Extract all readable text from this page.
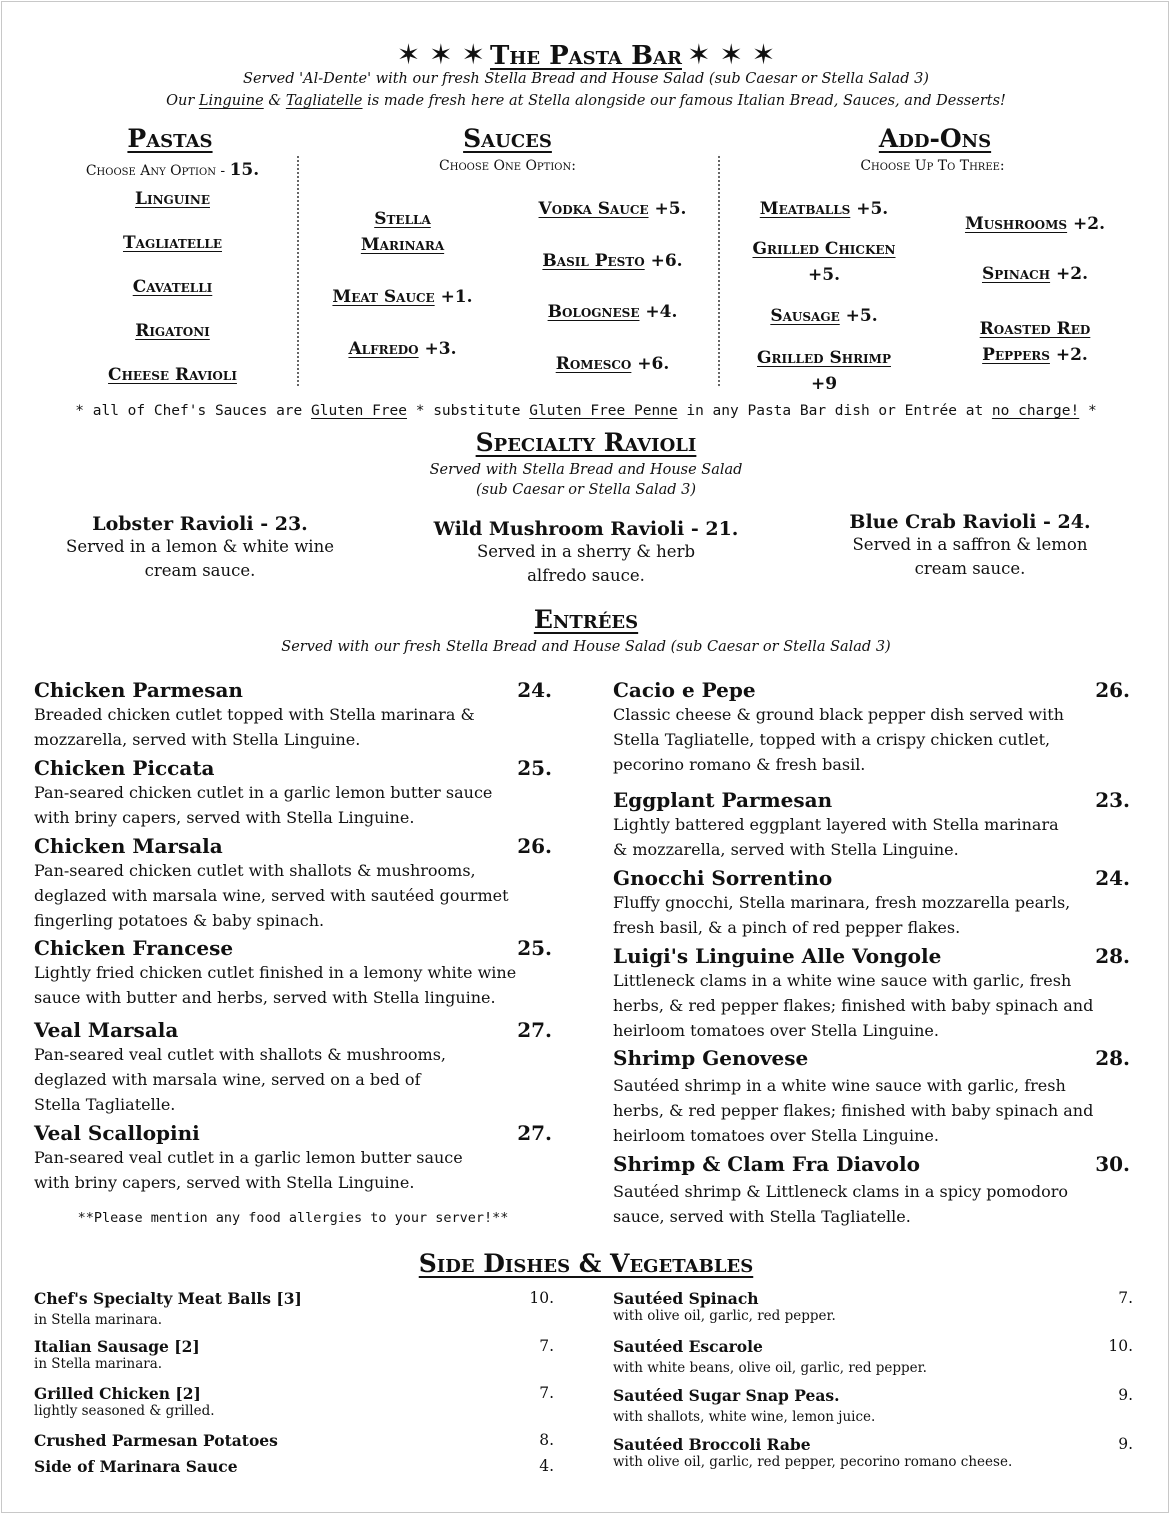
✶ ✶ ✶ The Pasta Bar ✶ ✶ ✶
Served 'Al-Dente' with our fresh Stella Bread and House Salad (sub Caesar or Stella Salad 3)
Our Linguine & Tagliatelle is made fresh here at Stella alongside our famous Italian Bread, Sauces, and Desserts!
Pastas
Choose Any Option - 15.
Linguine
Tagliatelle
Cavatelli
Rigatoni
Cheese Ravioli
Sauces
Choose One Option:
Stella
Marinara
Meat Sauce +1.
Alfredo +3.
Vodka Sauce +5.
Basil Pesto +6.
Bolognese +4.
Romesco +6.
Add-Ons
Choose Up To Three:
Meatballs +5.
Grilled Chicken
+5.
Sausage +5.
Grilled Shrimp
+9
Mushrooms +2.
Spinach +2.
Roasted Red
Peppers +2.
* all of Chef's Sauces are Gluten Free * substitute Gluten Free Penne in any Pasta Bar dish or Entrée at no charge! *
Specialty Ravioli
Served with Stella Bread and House Salad
(sub Caesar or Stella Salad 3)
Lobster Ravioli - 23.
Served in a lemon & white wine
cream sauce.
Wild Mushroom Ravioli - 21.
Served in a sherry & herb
alfredo sauce.
Blue Crab Ravioli - 24.
Served in a saffron & lemon
cream sauce.
Entrées
Served with our fresh Stella Bread and House Salad (sub Caesar or Stella Salad 3)
Chicken Parmesan	24.
Breaded chicken cutlet topped with Stella marinara &
mozzarella, served with Stella Linguine.
Chicken Piccata	25.
Pan-seared chicken cutlet in a garlic lemon butter sauce
with briny capers, served with Stella Linguine.
Chicken Marsala	26.
Pan-seared chicken cutlet with shallots & mushrooms,
deglazed with marsala wine, served with sautéed gourmet
fingerling potatoes & baby spinach.
Chicken Francese	25.
Lightly fried chicken cutlet finished in a lemony white wine
sauce with butter and herbs, served with Stella linguine.
Veal Marsala	27.
Pan-seared veal cutlet with shallots & mushrooms,
deglazed with marsala wine, served on a bed of
Stella Tagliatelle.
Veal Scallopini	27.
Pan-seared veal cutlet in a garlic lemon butter sauce
with briny capers, served with Stella Linguine.
**Please mention any food allergies to your server!**
Cacio e Pepe	26.
Classic cheese & ground black pepper dish served with
Stella Tagliatelle, topped with a crispy chicken cutlet,
pecorino romano & fresh basil.
Eggplant Parmesan	23.
Lightly battered eggplant layered with Stella marinara
& mozzarella, served with Stella Linguine.
Gnocchi Sorrentino	24.
Fluffy gnocchi, Stella marinara, fresh mozzarella pearls,
fresh basil, & a pinch of red pepper flakes.
Luigi's Linguine Alle Vongole	28.
Littleneck clams in a white wine sauce with garlic, fresh
herbs, & red pepper flakes; finished with baby spinach and
heirloom tomatoes over Stella Linguine.
Shrimp Genovese	28.
Sautéed shrimp in a white wine sauce with garlic, fresh
herbs, & red pepper flakes; finished with baby spinach and
heirloom tomatoes over Stella Linguine.
Shrimp & Clam Fra Diavolo	30.
Sautéed shrimp & Littleneck clams in a spicy pomodoro
sauce, served with Stella Tagliatelle.
Side Dishes & Vegetables
Chef's Specialty Meat Balls [3]	10.
in Stella marinara.
Italian Sausage [2]	7.
in Stella marinara.
Grilled Chicken [2]	7.
lightly seasoned & grilled.
Crushed Parmesan Potatoes	8.
Side of Marinara Sauce	4.
Sautéed Spinach	7.
with olive oil, garlic, red pepper.
Sautéed Escarole	10.
with white beans, olive oil, garlic, red pepper.
Sautéed Sugar Snap Peas.	9.
with shallots, white wine, lemon juice.
Sautéed Broccoli Rabe	9.
with olive oil, garlic, red pepper, pecorino romano cheese.
